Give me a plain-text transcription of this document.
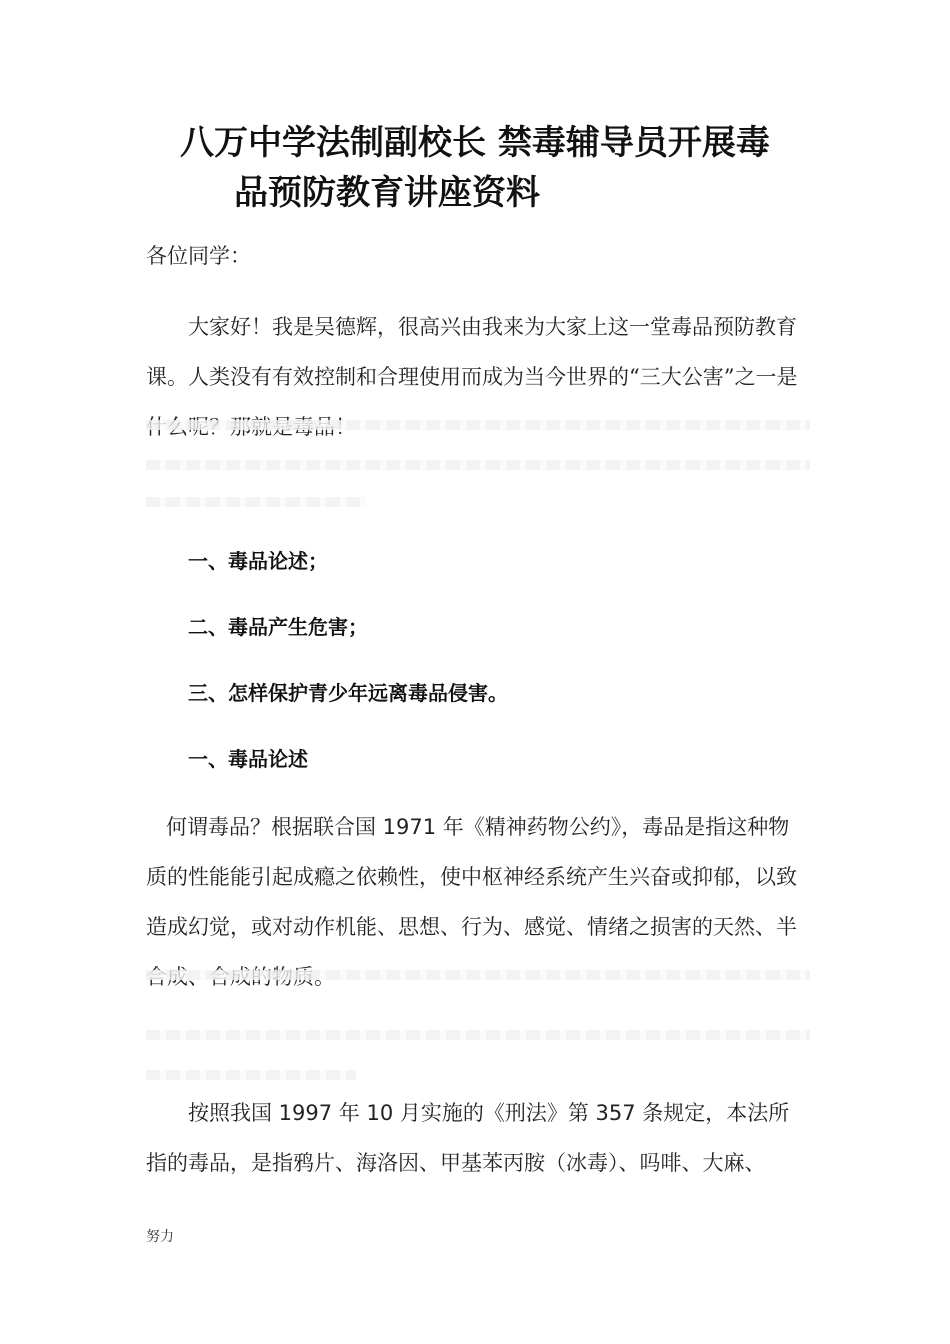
八万中学法制副校长 禁毒辅导员开展毒
品预防教育讲座资料

各位同学：

大家好！我是吴德辉，很高兴由我来为大家上这一堂毒品预防教育课。人类没有有效控制和合理使用而成为当今世界的“三大公害”之一是

一、毒品论述；

二、毒品产生危害；

三、怎样保护青少年远离毒品侵害。

一、毒品论述

何谓毒品？根据联合国 1971 年《精神药物公约》，毒品是指这种物质的性能能引起成瘾之依赖性，使中枢神经系统产生兴奋或抑郁，以致造成幻觉，或对动作机能、思想、行为、感觉、情绪之损害的天然、半

按照我国 1997 年 10 月实施的《刑法》第 357 条规定，本法所指的毒品，是指鸦片、海洛因、甲基苯丙胺（冰毒）、吗啡、大麻、

努力
